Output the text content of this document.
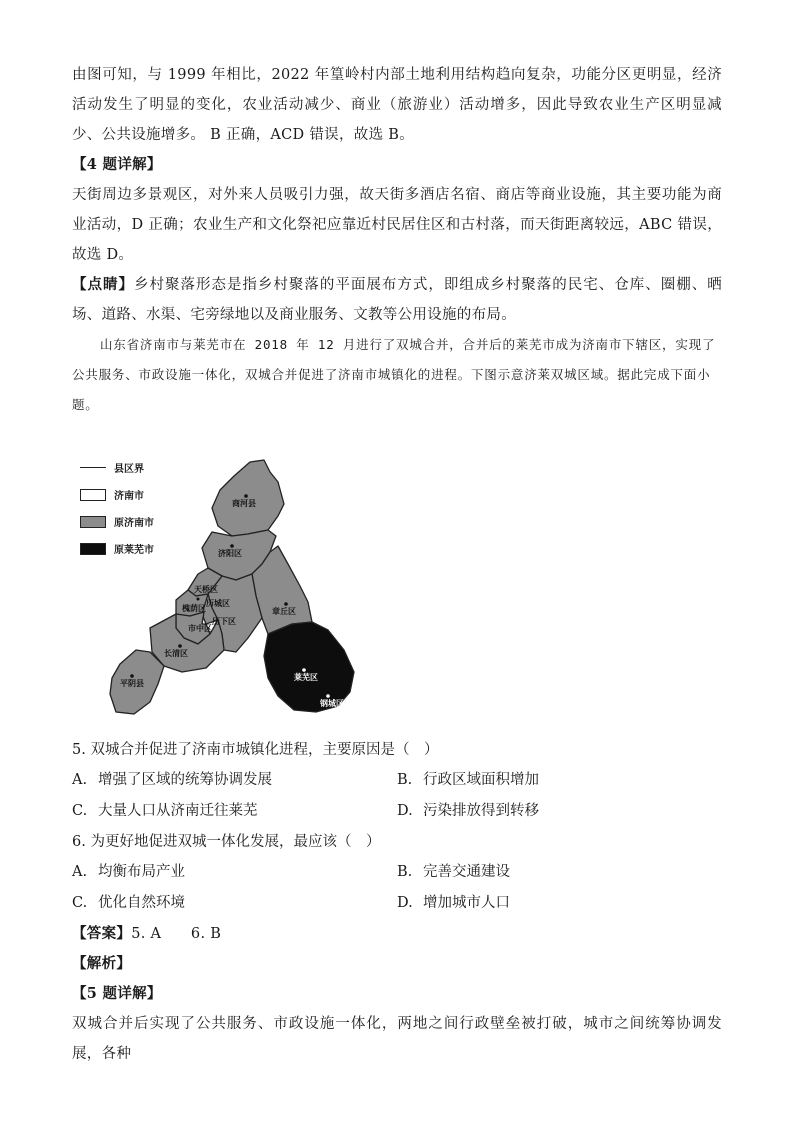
由图可知，与 1999 年相比，2022 年篁岭村内部土地利用结构趋向复杂，功能分区更明显，经济活动发生了明显的变化，农业活动减少、商业（旅游业）活动增多，因此导致农业生产区明显减少、公共设施增多。 B 正确，ACD 错误，故选 B。

【4 题详解】

天街周边多景观区，对外来人员吸引力强，故天街多酒店名宿、商店等商业设施，其主要功能为商业活动，D 正确；农业生产和文化祭祀应靠近村民居住区和古村落，而天街距离较远，ABC 错误，故选 D。

【点睛】乡村聚落形态是指乡村聚落的平面展布方式，即组成乡村聚落的民宅、仓库、圈棚、晒场、道路、水渠、宅旁绿地以及商业服务、文教等公用设施的布局。

山东省济南市与莱芜市在 2018 年 12 月进行了双城合并，合并后的莱芜市成为济南市下辖区，实现了公共服务、市政设施一体化，双城合并促进了济南市城镇化的进程。下图示意济莱双城区域。据此完成下面小题。

县区界
济南市
原济南市
原莱芜市
商河县
济阳区
天桥区
槐荫区
历城区
历下区
市中区
章丘区
长清区
平阴县
莱芜区
钢城区

5. 双城合并促进了济南市城镇化进程，主要原因是（　）

A. 增强了区域的统筹协调发展	B. 行政区域面积增加
C. 大量人口从济南迁往莱芜	D. 污染排放得到转移

6. 为更好地促进双城一体化发展，最应该（　）

A. 均衡布局产业	B. 完善交通建设
C. 优化自然环境	D. 增加城市人口

【答案】5. A　　6. B

【解析】

【5 题详解】

双城合并后实现了公共服务、市政设施一体化，两地之间行政壁垒被打破，城市之间统筹协调发展，各种
